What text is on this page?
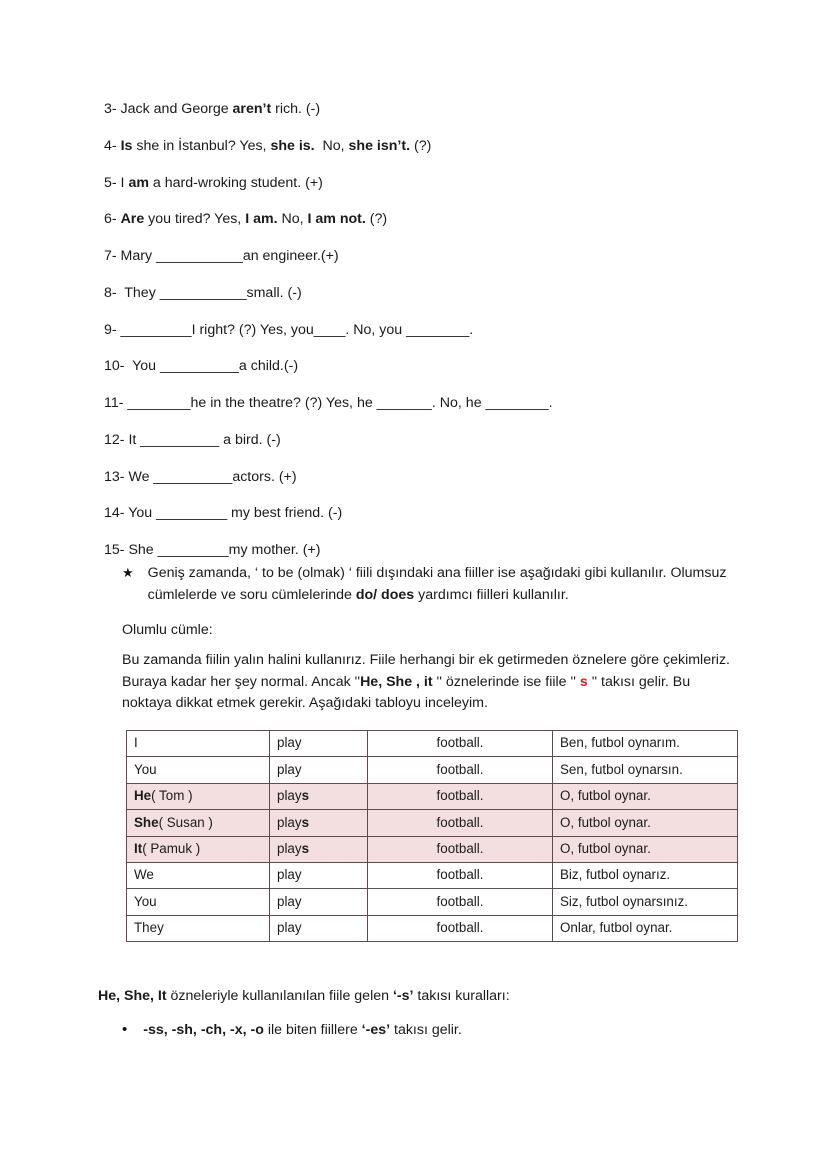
3- Jack and George aren’t rich. (-)
4- Is she in İstanbul? Yes, she is.  No, she isn’t. (?)
5- I am a hard-wroking student. (+)
6- Are you tired? Yes, I am. No, I am not. (?)
7- Mary ___________an engineer.(+)
8-  They ___________small. (-)
9- _________I right? (?) Yes, you____. No, you ________.
10-  You __________a child.(-)
11- ________he in the theatre? (?) Yes, he _______. No, he ________.
12- It __________ a bird. (-)
13- We __________actors. (+)
14- You _________ my best friend. (-)
15- She _________my mother. (+)
★ Geniş zamanda, ‘ to be (olmak) ‘ fiili dışındaki ana fiiller ise aşağıdaki gibi kullanılır. Olumsuz cümlelerde ve soru cümlelerinde do/ does yardımcı fiilleri kullanılır.
Olumlu cümle:
Bu zamanda fiilin yalın halini kullanırız. Fiile herhangi bir ek getirmeden öznelere göre çekimleriz. Buraya kadar her şey normal. Ancak ''He, She , it '' öznelerinde ise fiile '' s '' takısı gelir. Bu noktaya dikkat etmek gerekir. Aşağıdaki tabloyu inceleyim.
I	play	football.	Ben, futbol oynarım.
You	play	football.	Sen, futbol oynarsın.
He( Tom )	plays	football.	O, futbol oynar.
She( Susan )	plays	football.	O, futbol oynar.
It( Pamuk )	plays	football.	O, futbol oynar.
We	play	football.	Biz, futbol oynarız.
You	play	football.	Siz, futbol oynarsınız.
They	play	football.	Onlar, futbol oynar.
He, She, It özneleriyle kullanılanılan fiile gelen ‘-s’ takısı kuralları:
• -ss, -sh, -ch, -x, -o ile biten fiillere ‘-es’ takısı gelir.
